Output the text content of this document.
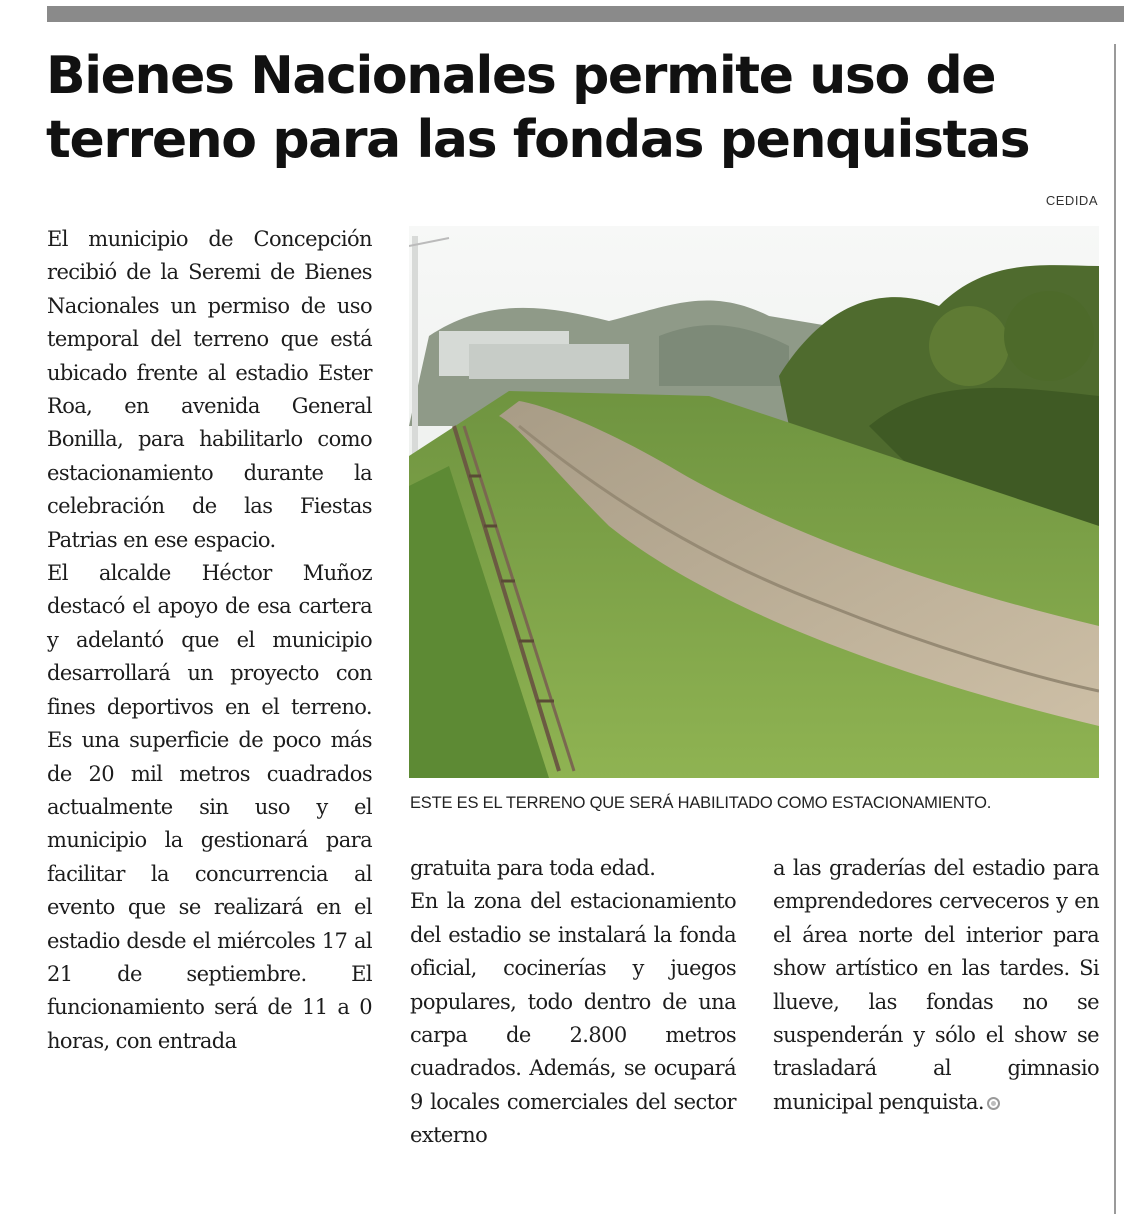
Bienes Nacionales permite uso de terreno para las fondas penquistas
CEDIDA

El municipio de Concepción recibió de la Seremi de Bienes Nacionales un permiso de uso temporal del terreno que está ubicado frente al estadio Ester Roa, en avenida General Bonilla, para habilitarlo como estacionamiento durante la celebración de las Fiestas Patrias en ese espacio.

El alcalde Héctor Muñoz destacó el apoyo de esa cartera y adelantó que el municipio desarrollará un proyecto con fines deportivos en el terreno. Es una superficie de poco más de 20 mil metros cuadrados actualmente sin uso y el municipio la gestionará para facilitar la concurrencia al evento que se realizará en el estadio desde el miércoles 17 al 21 de septiembre. El funcionamiento será de 11 a 0 horas, con entrada

ESTE ES EL TERRENO QUE SERÁ HABILITADO COMO ESTACIONAMIENTO.

gratuita para toda edad.

En la zona del estacionamiento del estadio se instalará la fonda oficial, cocinerías y juegos populares, todo dentro de una carpa de 2.800 metros cuadrados. Además, se ocupará 9 locales comerciales del sector externo

a las graderías del estadio para emprendedores cerveceros y en el área norte del interior para show artístico en las tardes. Si llueve, las fondas no se suspenderán y sólo el show se trasladará al gimnasio municipal penquista.
